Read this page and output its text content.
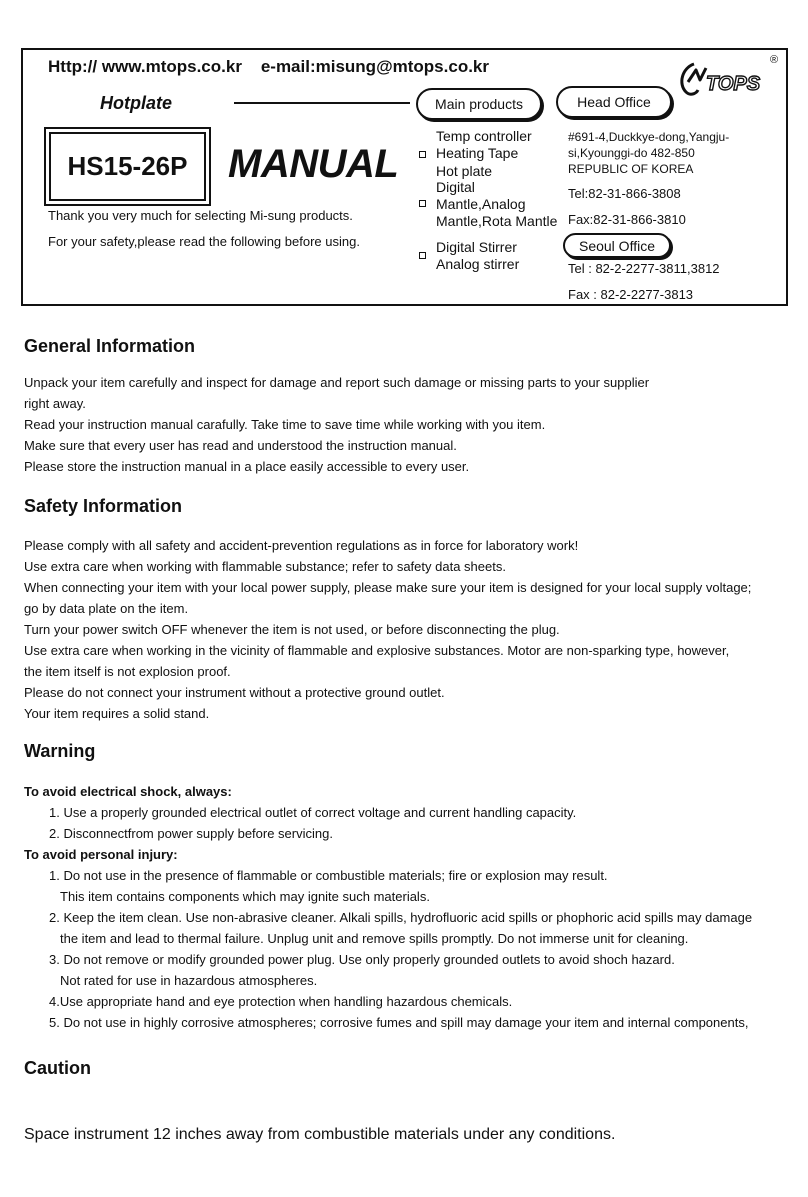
Http:// www.mtops.co.kr    e-mail:misung@mtops.co.kr
Hotplate
HS15-26P	MANUAL
Thank you very much for selecting Mi-sung products.
For your safety,please read the following before using.
Main products	Head Office
Seoul Office
Temp controller
Heating Tape
Hot plate
Digital
Mantle,Analog
Mantle,Rota Mantle
Digital Stirrer
Analog stirrer
#691-4,Duckkye-dong,Yangju-
si,Kyounggi-do 482-850
REPUBLIC OF KOREA
Tel:82-31-866-3808
Fax:82-31-866-3810
Tel : 82-2-2277-3811,3812
Fax : 82-2-2277-3813
TOPS
®
General Information

Unpack your item carefully and inspect for damage and report such damage or missing parts to your supplier

right away.

Read your instruction manual carafully. Take time to save time while working with you item.

Make sure that every user has read and understood the instruction manual.

Please store the instruction manual in a place easily accessible to every user.

Safety Information

Please comply with all safety and accident-prevention regulations as in force for laboratory work!

Use extra care when working with flammable substance; refer to safety data sheets.

When connecting your item with your local power supply, please make sure your item is designed for your local supply voltage;

go by data plate on the item.

Turn your power switch OFF whenever the item is not used, or before disconnecting the plug.

Use extra care when working in the vicinity of flammable and explosive substances. Motor are non-sparking type, however,

the item itself is not explosion proof.

Please do not connect your instrument without a protective ground outlet.

Your item requires a solid stand.

Warning

To avoid electrical shock, always:

1. Use a properly grounded electrical outlet of correct voltage and current handling capacity.

2. Disconnectfrom power supply before servicing.

To avoid personal injury:

1. Do not use in the presence of flammable or combustible materials; fire or explosion may result.

This item contains components which may ignite such materials.

2. Keep the item clean. Use non-abrasive cleaner. Alkali spills, hydrofluoric acid spills or phophoric acid spills may damage

the item and lead to thermal failure. Unplug unit and remove spills promptly. Do not immerse unit for cleaning.

3. Do not remove or modify grounded power plug. Use only properly grounded outlets to avoid shoch hazard.

Not rated for use in hazardous atmospheres.

4.Use appropriate hand and eye protection when handling hazardous chemicals.

5. Do not use in highly corrosive atmospheres; corrosive fumes and spill may damage your item and internal components,

Caution
Space instrument 12 inches away from combustible materials under any conditions.
